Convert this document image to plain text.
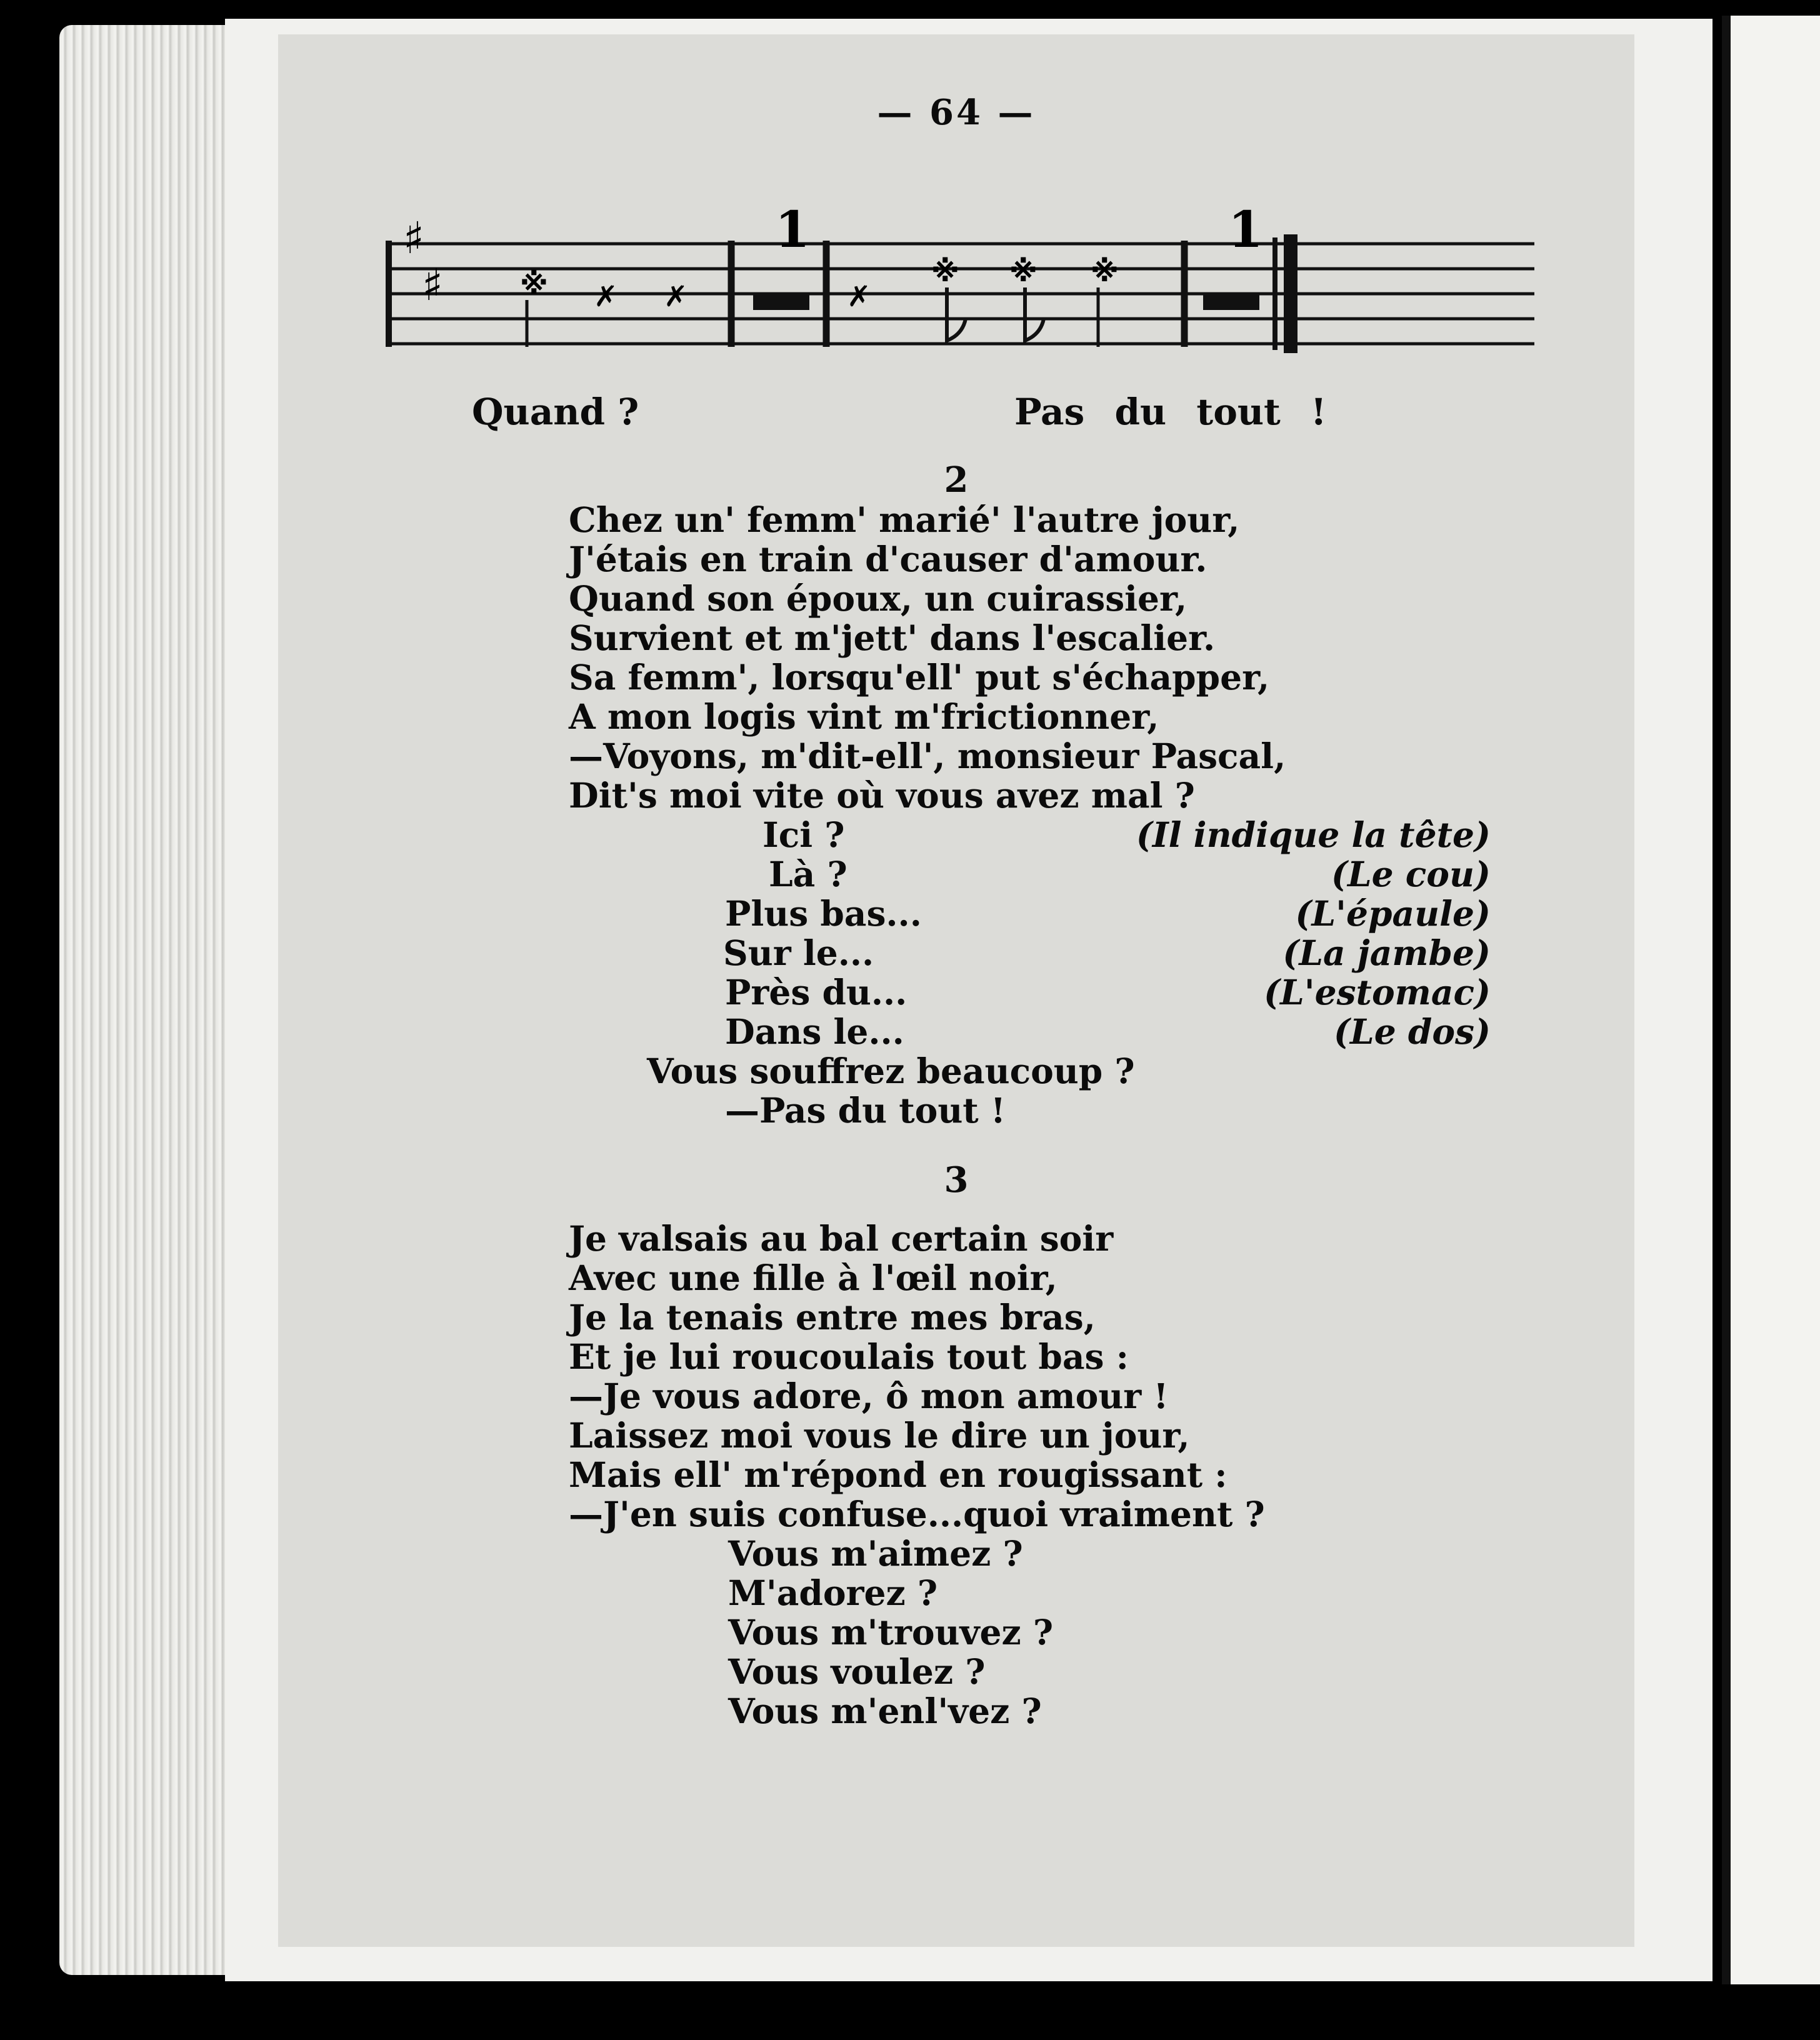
— 64 —
♯
♯	※ ✗ ✗
1
✗
※ ※ ※
1
Quand ?	Pas du tout !
2
Chez un' femm' marié' l'autre jour,
J'étais en train d'causer d'amour.
Quand son époux, un cuirassier,
Survient et m'jett' dans l'escalier.
Sa femm', lorsqu'ell' put s'échapper,
A mon logis vint m'frictionner,
—Voyons, m'dit-ell', monsieur Pascal,
Dit's moi vite où vous avez mal ?
Ici ?	(Il indique la tête)
Là ?	(Le cou)
Plus bas...	(L'épaule)
Sur le...	(La jambe)
Près du...	(L'estomac)
Dans le...	(Le dos)
Vous souffrez beaucoup ?
—Pas du tout !
3
Je valsais au bal certain soir
Avec une fille à l'œil noir,
Je la tenais entre mes bras,
Et je lui roucoulais tout bas :
—Je vous adore, ô mon amour !
Laissez moi vous le dire un jour,
Mais ell' m'répond en rougissant :
—J'en suis confuse...quoi vraiment ?
Vous m'aimez ?
M'adorez ?
Vous m'trouvez ?
Vous voulez ?
Vous m'enl'vez ?
